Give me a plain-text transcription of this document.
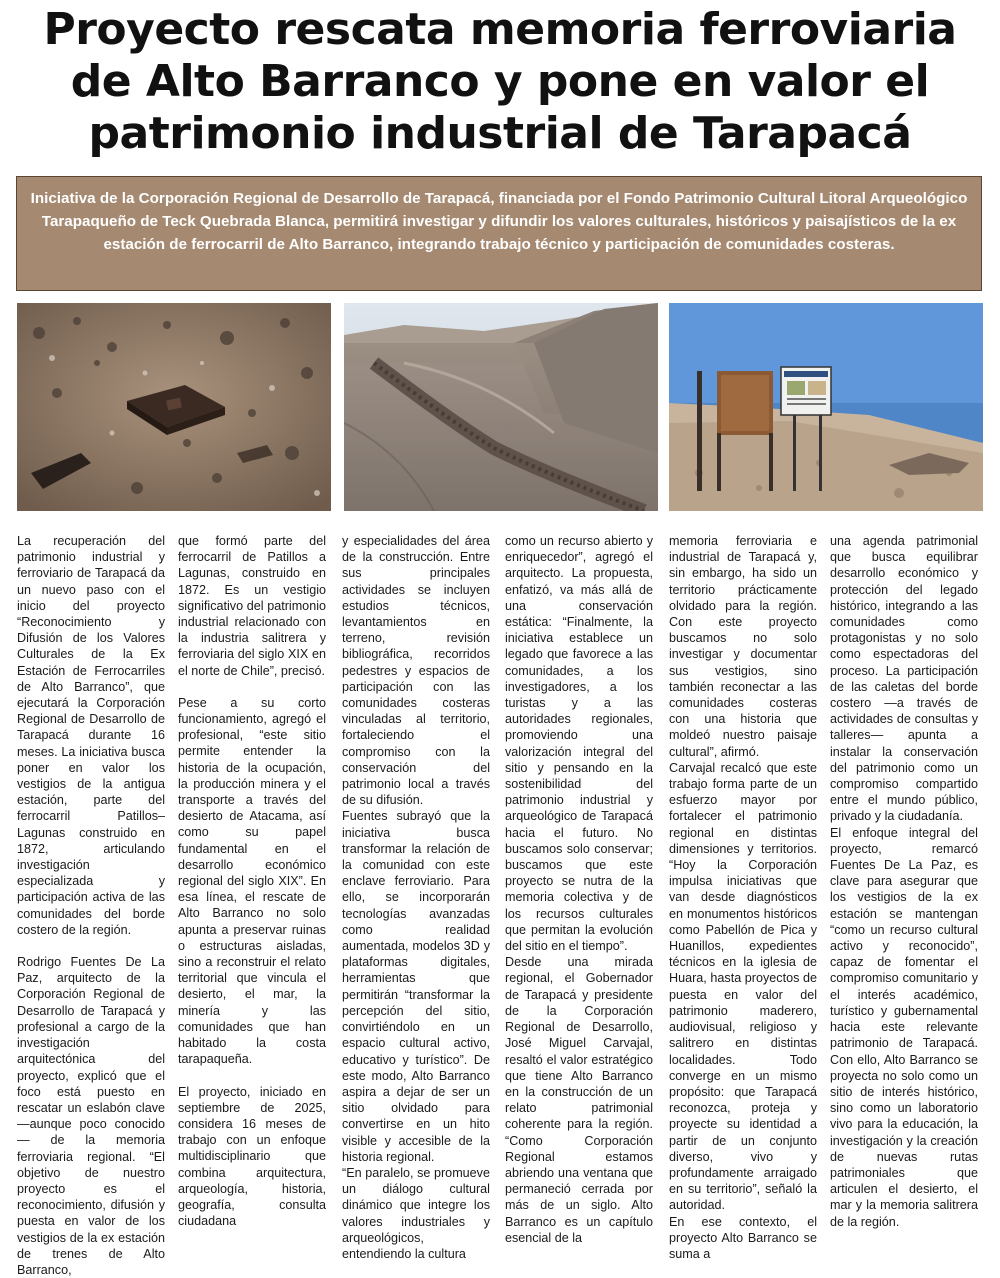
Proyecto rescata memoria ferroviaria
de Alto Barranco y pone en valor el
patrimonio industrial de Tarapacá
Iniciativa de la Corporación Regional de Desarrollo de Tarapacá, financiada por el Fondo Patrimonio Cultural Litoral Arqueológico Tarapaqueño de Teck Quebrada Blanca, permitirá investigar y difundir los valores culturales, históricos y paisajísticos de la ex estación de ferrocarril de Alto Barranco, integrando trabajo técnico y participación de comunidades costeras.

La recuperación del patrimonio industrial y ferroviario de Tarapacá da un nuevo paso con el inicio del proyecto “Reconocimiento y Difusión de los Valores Culturales de la Ex Estación de Ferrocarriles de Alto Barranco”, que ejecutará la Corporación Regional de Desarrollo de Tarapacá durante 16 meses. La iniciativa busca poner en valor los vestigios de la antigua estación, parte del ferrocarril Patillos–Lagunas construido en 1872, articulando investigación especializada y participación activa de las comunidades del borde costero de la región.

Rodrigo Fuentes De La Paz, arquitecto de la Corporación Regional de Desarrollo de Tarapacá y profesional a cargo de la investigación arquitectónica del proyecto, explicó que el foco está puesto en rescatar un eslabón clave —aunque poco conocido— de la memoria ferroviaria regional. “El objetivo de nuestro proyecto es el reconocimiento, difusión y puesta en valor de los vestigios de la ex estación de trenes de Alto Barranco,

que formó parte del ferrocarril de Patillos a Lagunas, construido en 1872. Es un vestigio significativo del patrimonio industrial relacionado con la industria salitrera y ferroviaria del siglo XIX en el norte de Chile”, precisó.

Pese a su corto funcionamiento, agregó el profesional, “este sitio permite entender la historia de la ocupación, la producción minera y el transporte a través del desierto de Atacama, así como su papel fundamental en el desarrollo económico regional del siglo XIX”. En esa línea, el rescate de Alto Barranco no solo apunta a preservar ruinas o estructuras aisladas, sino a reconstruir el relato territorial que vincula el desierto, el mar, la minería y las comunidades que han habitado la costa tarapaqueña.

El proyecto, iniciado en septiembre de 2025, considera 16 meses de trabajo con un enfoque multidisciplinario que combina arquitectura, arqueología, historia, geografía, consulta ciudadana

y especialidades del área de la construcción. Entre sus principales actividades se incluyen estudios técnicos, levantamientos en terreno, revisión bibliográfica, recorridos pedestres y espacios de participación con las comunidades costeras vinculadas al territorio, fortaleciendo el compromiso con la conservación del patrimonio local a través de su difusión.

Fuentes subrayó que la iniciativa busca transformar la relación de la comunidad con este enclave ferroviario. Para ello, se incorporarán tecnologías avanzadas como realidad aumentada, modelos 3D y plataformas digitales, herramientas que permitirán “transformar la percepción del sitio, convirtiéndolo en un espacio cultural activo, educativo y turístico”. De este modo, Alto Barranco aspira a dejar de ser un sitio olvidado para convertirse en un hito visible y accesible de la historia regional.

“En paralelo, se promueve un diálogo cultural dinámico que integre los valores industriales y arqueológicos, entendiendo la cultura

como un recurso abierto y enriquecedor”, agregó el arquitecto. La propuesta, enfatizó, va más allá de una conservación estática: “Finalmente, la iniciativa establece un legado que favorece a las comunidades, a los investigadores, a los turistas y a las autoridades regionales, promoviendo una valorización integral del sitio y pensando en la sostenibilidad del patrimonio industrial y arqueológico de Tarapacá hacia el futuro. No buscamos solo conservar; buscamos que este proyecto se nutra de la memoria colectiva y de los recursos culturales que permitan la evolución del sitio en el tiempo”.

Desde una mirada regional, el Gobernador de Tarapacá y presidente de la Corporación Regional de Desarrollo, José Miguel Carvajal, resaltó el valor estratégico que tiene Alto Barranco en la construcción de un relato patrimonial coherente para la región. “Como Corporación Regional estamos abriendo una ventana que permaneció cerrada por más de un siglo. Alto Barranco es un capítulo esencial de la

memoria ferroviaria e industrial de Tarapacá y, sin embargo, ha sido un territorio prácticamente olvidado para la región. Con este proyecto buscamos no solo investigar y documentar sus vestigios, sino también reconectar a las comunidades costeras con una historia que moldeó nuestro paisaje cultural”, afirmó.

Carvajal recalcó que este trabajo forma parte de un esfuerzo mayor por fortalecer el patrimonio regional en distintas dimensiones y territorios. “Hoy la Corporación impulsa iniciativas que van desde diagnósticos en monumentos históricos como Pabellón de Pica y Huanillos, expedientes técnicos en la iglesia de Huara, hasta proyectos de puesta en valor del patrimonio maderero, audiovisual, religioso y salitrero en distintas localidades. Todo converge en un mismo propósito: que Tarapacá reconozca, proteja y proyecte su identidad a partir de un conjunto diverso, vivo y profundamente arraigado en su territorio”, señaló la autoridad.

En ese contexto, el proyecto Alto Barranco se suma a

una agenda patrimonial que busca equilibrar desarrollo económico y protección del legado histórico, integrando a las comunidades como protagonistas y no solo como espectadoras del proceso. La participación de las caletas del borde costero —a través de actividades de consultas y talleres— apunta a instalar la conservación del patrimonio como un compromiso compartido entre el mundo público, privado y la ciudadanía.

El enfoque integral del proyecto, remarcó Fuentes De La Paz, es clave para asegurar que los vestigios de la ex estación se mantengan “como un recurso cultural activo y reconocido”, capaz de fomentar el compromiso comunitario y el interés académico, turístico y gubernamental hacia este relevante patrimonio de Tarapacá. Con ello, Alto Barranco se proyecta no solo como un sitio de interés histórico, sino como un laboratorio vivo para la educación, la investigación y la creación de nuevas rutas patrimoniales que articulen el desierto, el mar y la memoria salitrera de la región.
